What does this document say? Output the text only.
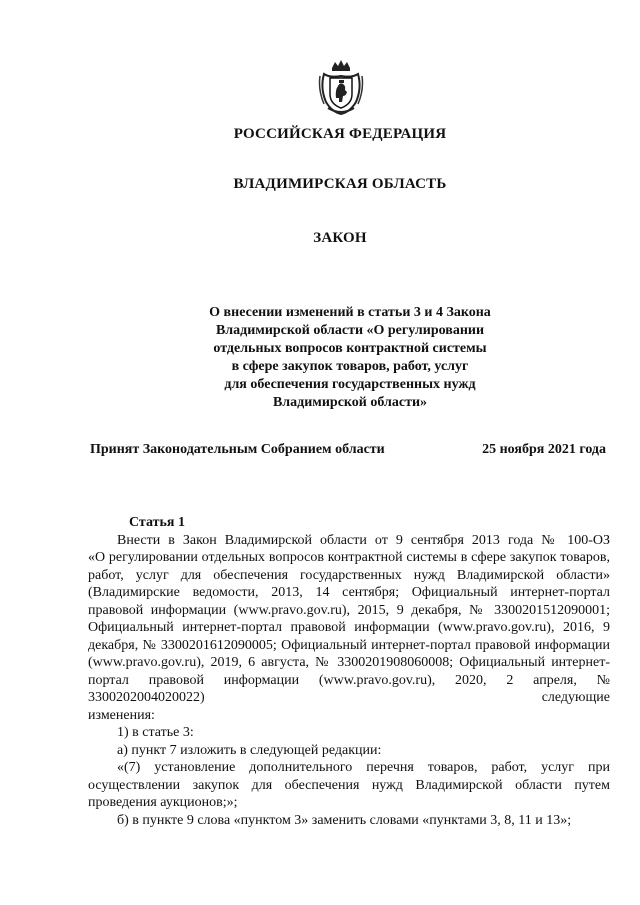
РОССИЙСКАЯ ФЕДЕРАЦИЯ
ВЛАДИМИРСКАЯ ОБЛАСТЬ
ЗАКОН
О внесении изменений в статьи 3 и 4 Закона
Владимирской области «О регулировании
отдельных вопросов контрактной системы
в сфере закупок товаров, работ, услуг
для обеспечения государственных нужд
Владимирской области»
Принят Законодательным Собранием области	25 ноября 2021 года
Статья 1

Внести в Закон Владимирской области от 9 сентября 2013 года № 100-ОЗ

«О регулировании отдельных вопросов контрактной системы в сфере закупок товаров, работ, услуг для обеспечения государственных нужд Владимирской области» (Владимирские ведомости, 2013, 14 сентября; Официальный интернет-портал правовой информации (www.pravo.gov.ru), 2015, 9 декабря, № 3300201512090001; Официальный интернет-портал правовой информации (www.pravo.gov.ru), 2016, 9 декабря, № 3300201612090005; Официальный интернет-портал правовой информации (www.pravo.gov.ru), 2019, 6 августа, № 3300201908060008; Официальный интернет-портал правовой информации (www.pravo.gov.ru), 2020, 2 апреля, № 3300202004020022) следующие

изменения:

1) в статье 3:

а) пункт 7 изложить в следующей редакции:

«(7) установление дополнительного перечня товаров, работ, услуг при осуществлении закупок для обеспечения нужд Владимирской области путем проведения аукционов;»;

б) в пункте 9 слова «пунктом 3» заменить словами «пунктами 3, 8, 11 и 13»;
